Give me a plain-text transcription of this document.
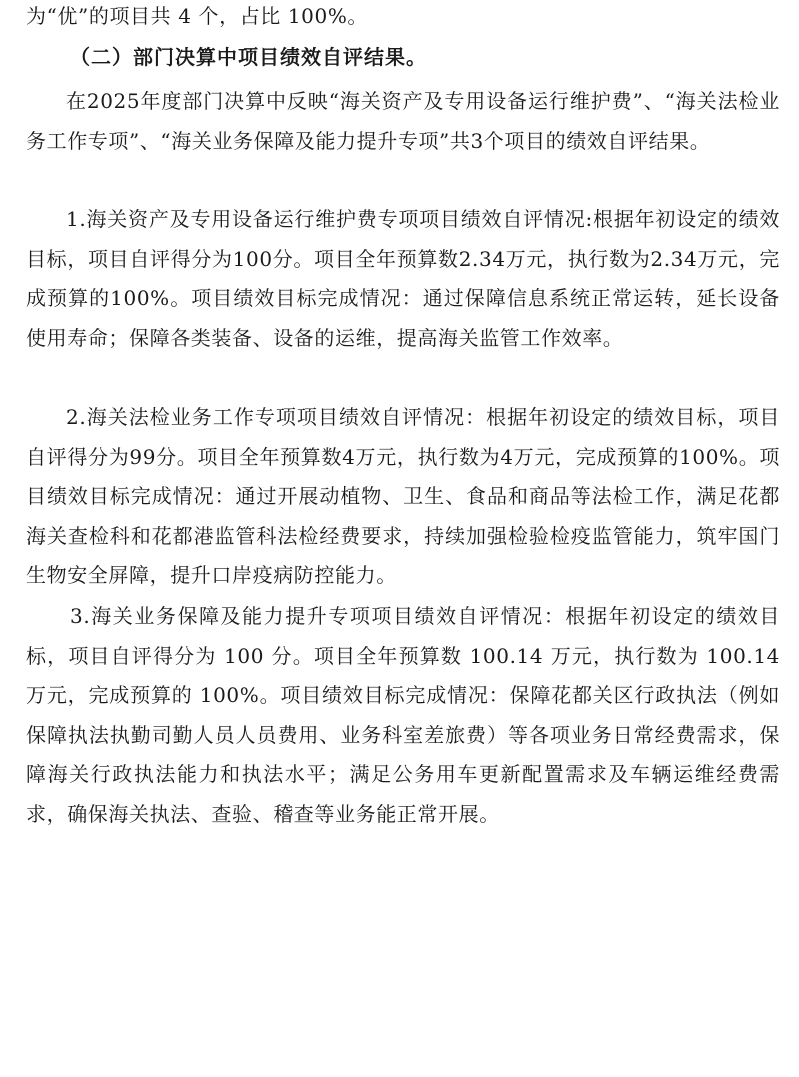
为“优”的项目共 4 个，占比 100%。

（二）部门决算中项目绩效自评结果。

在2025年度部门决算中反映“海关资产及专用设备运行维护费”、“海关法检业务工作专项”、“海关业务保障及能力提升专项”共3个项目的绩效自评结果。

1.海关资产及专用设备运行维护费专项项目绩效自评情况:根据年初设定的绩效目标，项目自评得分为100分。项目全年预算数2.34万元，执行数为2.34万元，完成预算的100%。项目绩效目标完成情况：通过保障信息系统正常运转，延长设备使用寿命；保障各类装备、设备的运维，提高海关监管工作效率。

2.海关法检业务工作专项项目绩效自评情况：根据年初设定的绩效目标，项目自评得分为99分。项目全年预算数4万元，执行数为4万元，完成预算的100%。项目绩效目标完成情况：通过开展动植物、卫生、食品和商品等法检工作，满足花都海关查检科和花都港监管科法检经费要求，持续加强检验检疫监管能力，筑牢国门生物安全屏障，提升口岸疫病防控能力。

3.海关业务保障及能力提升专项项目绩效自评情况：根据年初设定的绩效目标，项目自评得分为 100 分。项目全年预算数 100.14 万元，执行数为 100.14 万元，完成预算的 100%。项目绩效目标完成情况：保障花都关区行政执法（例如保障执法执勤司勤人员人员费用、业务科室差旅费）等各项业务日常经费需求，保障海关行政执法能力和执法水平；满足公务用车更新配置需求及车辆运维经费需求，确保海关执法、查验、稽查等业务能正常开展。
